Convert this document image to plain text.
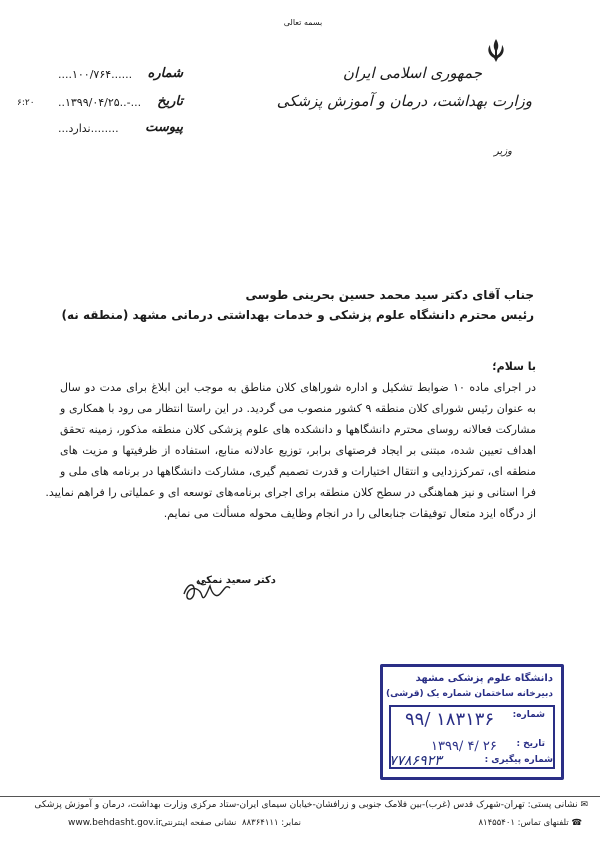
بسمه تعالی
جمهوری اسلامی ایران
وزارت بهداشت، درمان و آموزش پزشکی
وزیر
شماره
....۱۰۰/۷۶۴......
تاریخ
..۱۳۹۹/۰۴/۲۵..-...
پیوست
...ندارد........
۶:۲۰
جناب آقای دکتر سید محمد حسین بحرینی طوسی
رئیس محترم دانشگاه علوم پزشکی و خدمات بهداشتی درمانی مشهد (منطقه نه)
با سلام؛
در اجرای ماده ۱۰ ضوابط تشکیل و اداره شوراهای کلان مناطق به موجب این ابلاغ برای مدت دو سال
به عنوان رئیس شورای کلان منطقه ۹ کشور منصوب می گردید. در این راستا انتظار می رود با همکاری و
مشارکت فعالانه روسای محترم دانشگاهها و دانشکده های علوم پزشکی کلان منطقه مذکور، زمینه تحقق
اهداف تعیین شده، مبتنی بر ایجاد فرصتهای برابر، توزیع عادلانه منابع، استفاده از ظرفیتها و مزیت های
منطقه ای، تمرکززدایی و انتقال اختیارات و قدرت تصمیم گیری، مشارکت دانشگاهها در برنامه های ملی و
فرا استانی و نیز هماهنگی در سطح کلان منطقه برای اجرای برنامه‌های توسعه ای و عملیاتی را فراهم نمایید.
از درگاه ایزد متعال توفیقات جنابعالی را در انجام وظایف محوله مسألت می نمایم.
دکتر سعید نمکی
دانشگاه علوم پزشکی مشهد
دبیرخانه ساختمان شماره یک (قرشی)
شماره:
۹۹/ ۱۸۳۱۳۶
تاریخ :
۱۳۹۹/ ۴/ ۲۶
شماره پیگیری :
۷۷۸۶۹۲۳
✉ نشانی پستی: تهران-شهرک قدس (غرب)-بین فلامک جنوبی و زرافشان-خیابان سیمای ایران-ستاد مرکزی وزارت بهداشت، درمان و آموزش پزشکی
☎ تلفنهای تماس: ۸۱۴۵۵۴۰۱
نمابر: ۸۸۳۶۴۱۱۱
نشانی صفحه اینترنتی:
www.behdasht.gov.ir
